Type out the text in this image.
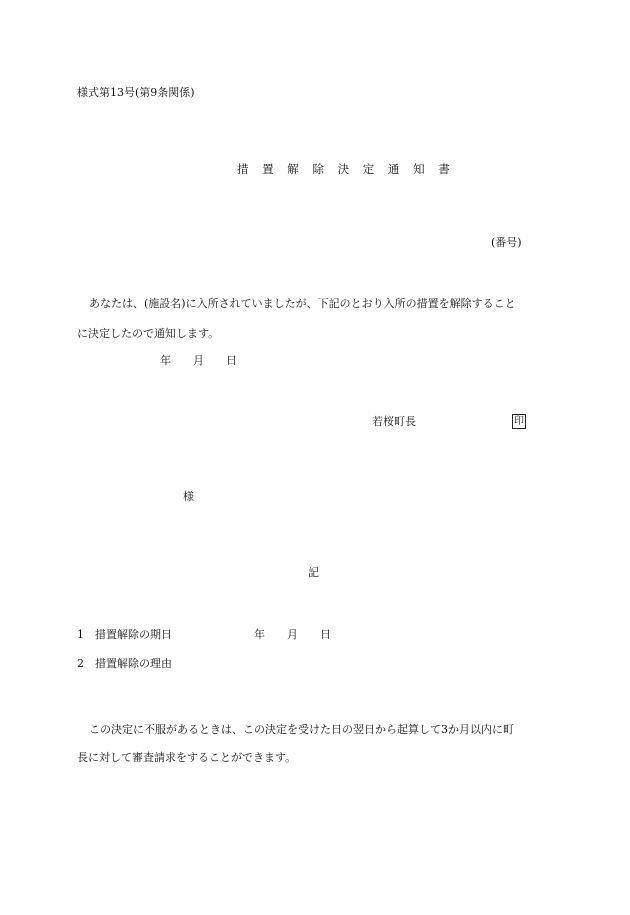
様式第13号(第9条関係)
措 置 解 除 決 定 通 知 書
(番号)
あなたは、(施設名)に入所されていましたが、下記のとおり入所の措置を解除すること
に決定したので通知します。
年 月 日
若桜町長	印
様
記
1 措置解除の期日	年 月 日
2 措置解除の理由
この決定に不服があるときは、この決定を受けた日の翌日から起算して3か月以内に町
長に対して審査請求をすることができます。
